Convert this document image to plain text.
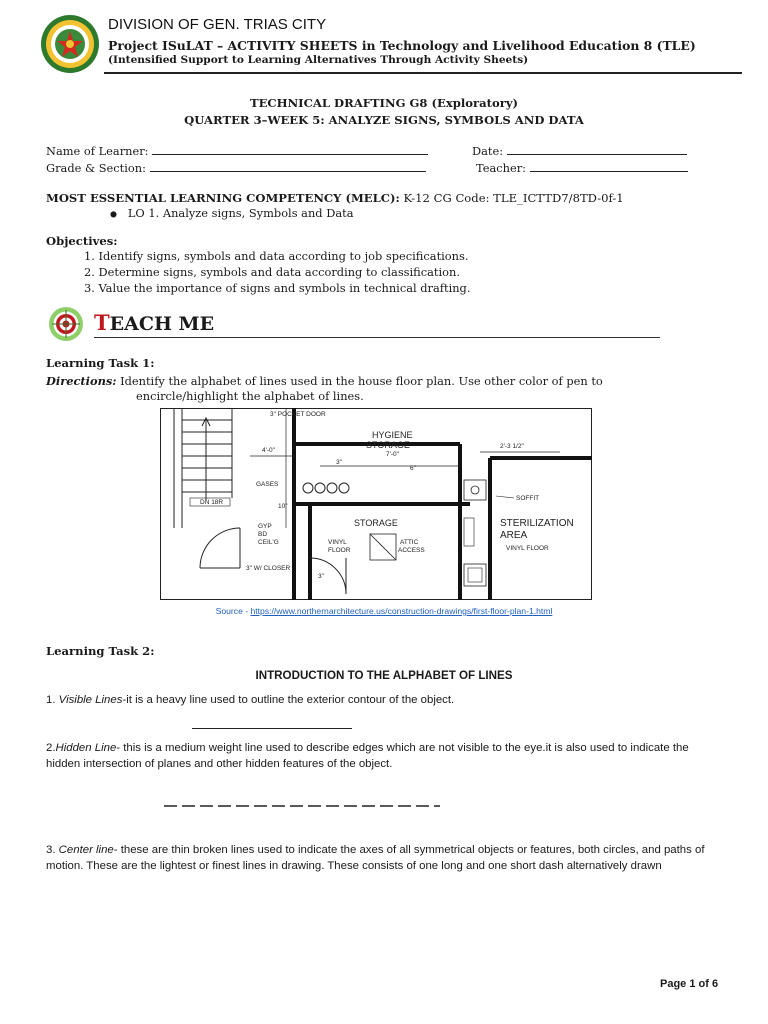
DIVISION OF GEN. TRIAS CITY
Project ISuLAT – ACTIVITY SHEETS in Technology and Livelihood Education 8 (TLE)
(Intensified Support to Learning Alternatives Through Activity Sheets)
TECHNICAL DRAFTING G8 (Exploratory)
QUARTER 3–WEEK 5: ANALYZE SIGNS, SYMBOLS AND DATA
Name of Learner:	Date:
Grade & Section:	Teacher:
MOST ESSENTIAL LEARNING COMPETENCY (MELC): K-12 CG Code: TLE_ICTTD7/8TD-0f-1
● LO 1. Analyze signs, Symbols and Data
Objectives:
1. Identify signs, symbols and data according to job specifications.
2. Determine signs, symbols and data according to classification.
3. Value the importance of signs and symbols in technical drafting.
TEACH ME
Learning Task 1:
Directions: Identify the alphabet of lines used in the house floor plan. Use other color of pen to
encircle/highlight the alphabet of lines.
DN 18R
3" W/ CLOSER
3" POCKET DOOR
HYGIENE
STORAGE
7'-0"
2'-3 1/2"
4'-0"
GASES
GYP
BD
CEIL'G
STORAGE
VINYL
FLOOR
ATTIC
ACCESS
3"
SOFFIT
STERILIZATION
AREA
VINYL FLOOR
6"
10"
3"
Source - https://www.northernarchitecture.us/construction-drawings/first-floor-plan-1.html
Learning Task 2:
INTRODUCTION TO THE ALPHABET OF LINES
1. Visible Lines-it is a heavy line used to outline the exterior contour of the object.
2.Hidden Line- this is a medium weight line used to describe edges which are not visible to the eye.it is also used to indicate the hidden intersection of planes and other hidden features of the object.
3. Center line- these are thin broken lines used to indicate the axes of all symmetrical objects or features, both circles, and paths of motion. These are the lightest or finest lines in drawing. These consists of one long and one short dash alternatively drawn
Page 1 of 6
